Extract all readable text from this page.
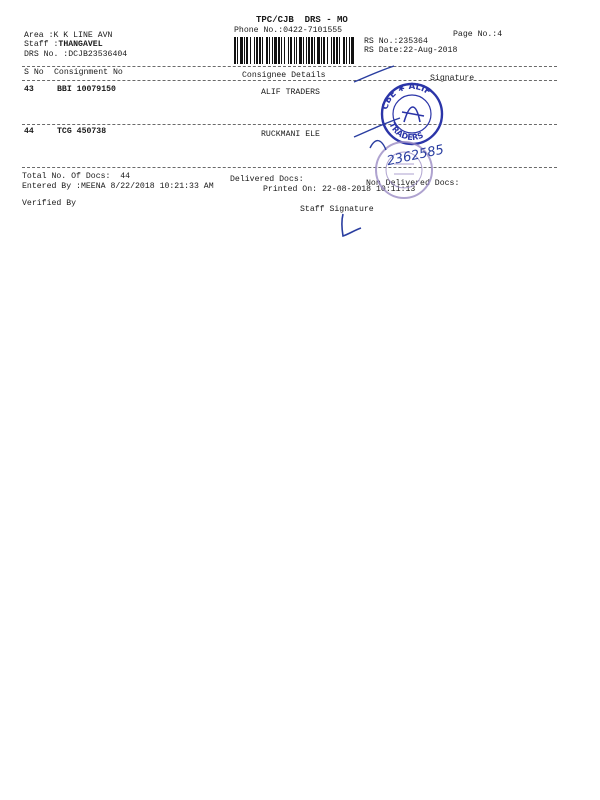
TPC/CJB  DRS - MO
Phone No.:0422-7101555
Area :K K LINE AVN
Staff :THANGAVEL
DRS No. :DCJB23536404
Page No.:4
RS No.:235364
RS Date:22-Aug-2018
S No Consignment No	Consignee Details	Signature
43	BBI 10079150	ALIF TRADERS
44	TCG 450738	RUCKMANI ELE
Total No. Of Docs:  44	Delivered Docs:	Non Delivered Docs:
Entered By :MEENA 8/22/2018 10:21:33 AM	Printed On: 22-08-2018 10:11:13
Verified By
Staff Signature
CBE ✱ ALIF
TRADERS
2362585
